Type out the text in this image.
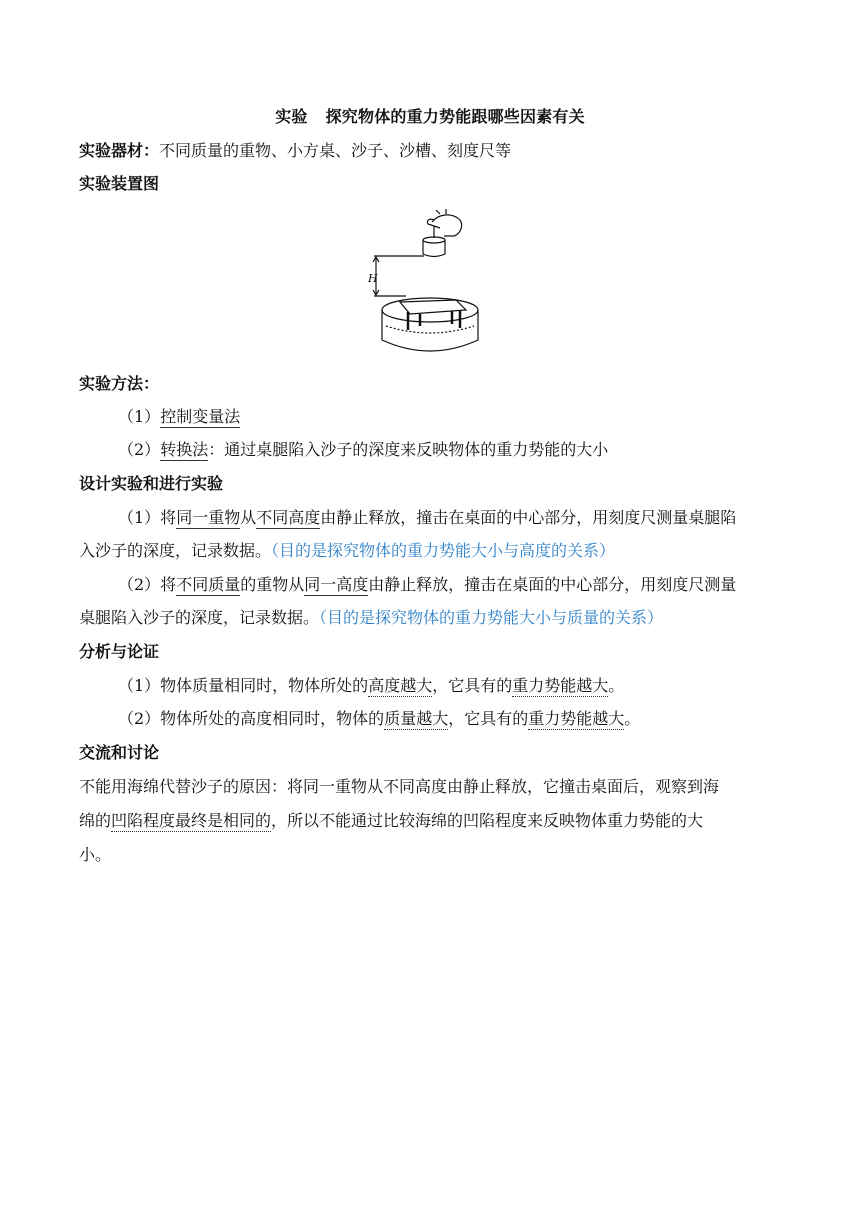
实验 探究物体的重力势能跟哪些因素有关
实验器材：不同质量的重物、小方桌、沙子、沙槽、刻度尺等
实验装置图
H
实验方法：
（1）控制变量法
（2）转换法：通过桌腿陷入沙子的深度来反映物体的重力势能的大小
设计实验和进行实验
（1）将同一重物从不同高度由静止释放，撞击在桌面的中心部分，用刻度尺测量桌腿陷
入沙子的深度，记录数据。（目的是探究物体的重力势能大小与高度的关系）
（2）将不同质量的重物从同一高度由静止释放，撞击在桌面的中心部分，用刻度尺测量
桌腿陷入沙子的深度，记录数据。（目的是探究物体的重力势能大小与质量的关系）
分析与论证
（1）物体质量相同时，物体所处的高度越大，它具有的重力势能越大。
（2）物体所处的高度相同时，物体的质量越大，它具有的重力势能越大。
交流和讨论
不能用海绵代替沙子的原因：将同一重物从不同高度由静止释放，它撞击桌面后，观察到海
绵的凹陷程度最终是相同的，所以不能通过比较海绵的凹陷程度来反映物体重力势能的大
小。
